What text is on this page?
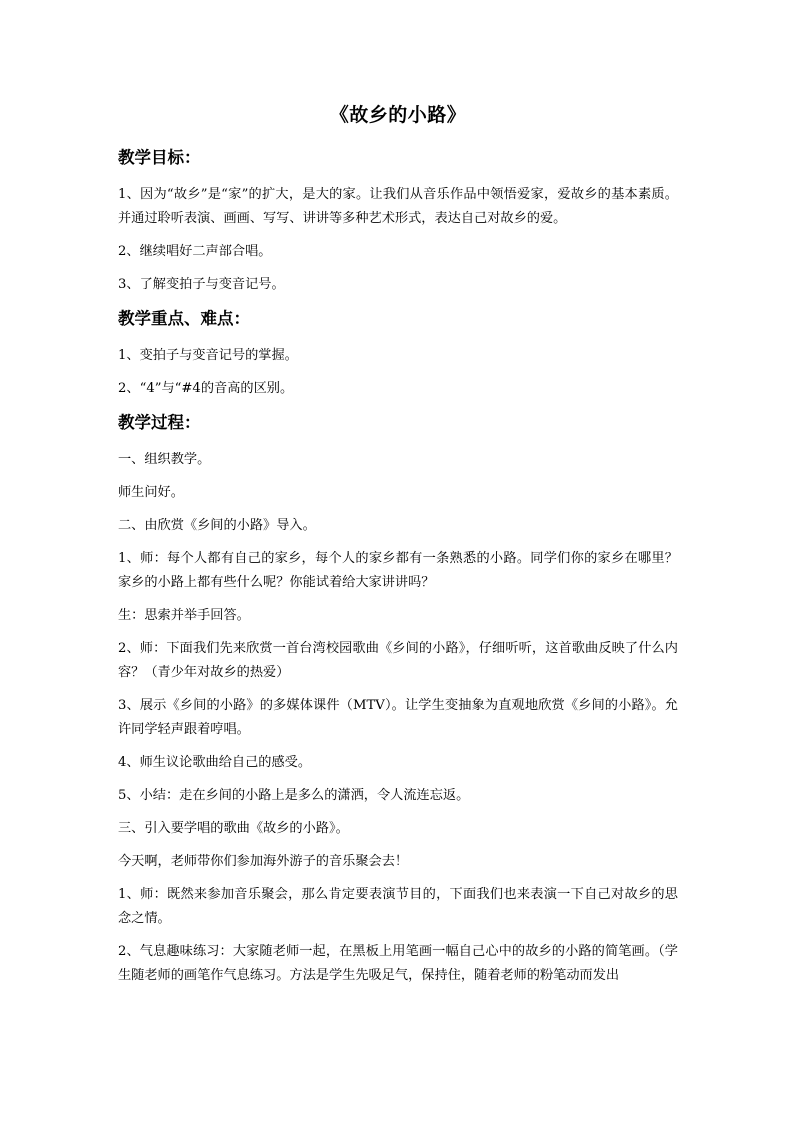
《故乡的小路》
教学目标：
1、因为“故乡”是“家”的扩大，是大的家。让我们从音乐作品中领悟爱家，爱故乡的基本素质。并通过聆听表演、画画、写写、讲讲等多种艺术形式，表达自己对故乡的爱。
2、继续唱好二声部合唱。
3、了解变拍子与变音记号。
教学重点、难点：
1、变拍子与变音记号的掌握。
2、“4”与“#4的音高的区别。
教学过程：
一、组织教学。
师生问好。
二、由欣赏《乡间的小路》导入。
1、师：每个人都有自己的家乡，每个人的家乡都有一条熟悉的小路。同学们你的家乡在哪里？家乡的小路上都有些什么呢？你能试着给大家讲讲吗？
生：思索并举手回答。
2、师：下面我们先来欣赏一首台湾校园歌曲《乡间的小路》，仔细听听，这首歌曲反映了什么内容？（青少年对故乡的热爱）
3、展示《乡间的小路》的多媒体课件（MTV）。让学生变抽象为直观地欣赏《乡间的小路》。允许同学轻声跟着哼唱。
4、师生议论歌曲给自己的感受。
5、小结：走在乡间的小路上是多么的潇洒，令人流连忘返。
三、引入要学唱的歌曲《故乡的小路》。
今天啊，老师带你们参加海外游子的音乐聚会去！
1、师：既然来参加音乐聚会，那么肯定要表演节目的，下面我们也来表演一下自己对故乡的思念之情。
2、气息趣味练习：大家随老师一起，在黑板上用笔画一幅自己心中的故乡的小路的简笔画。（学生随老师的画笔作气息练习。方法是学生先吸足气，保持住，随着老师的粉笔动而发出
